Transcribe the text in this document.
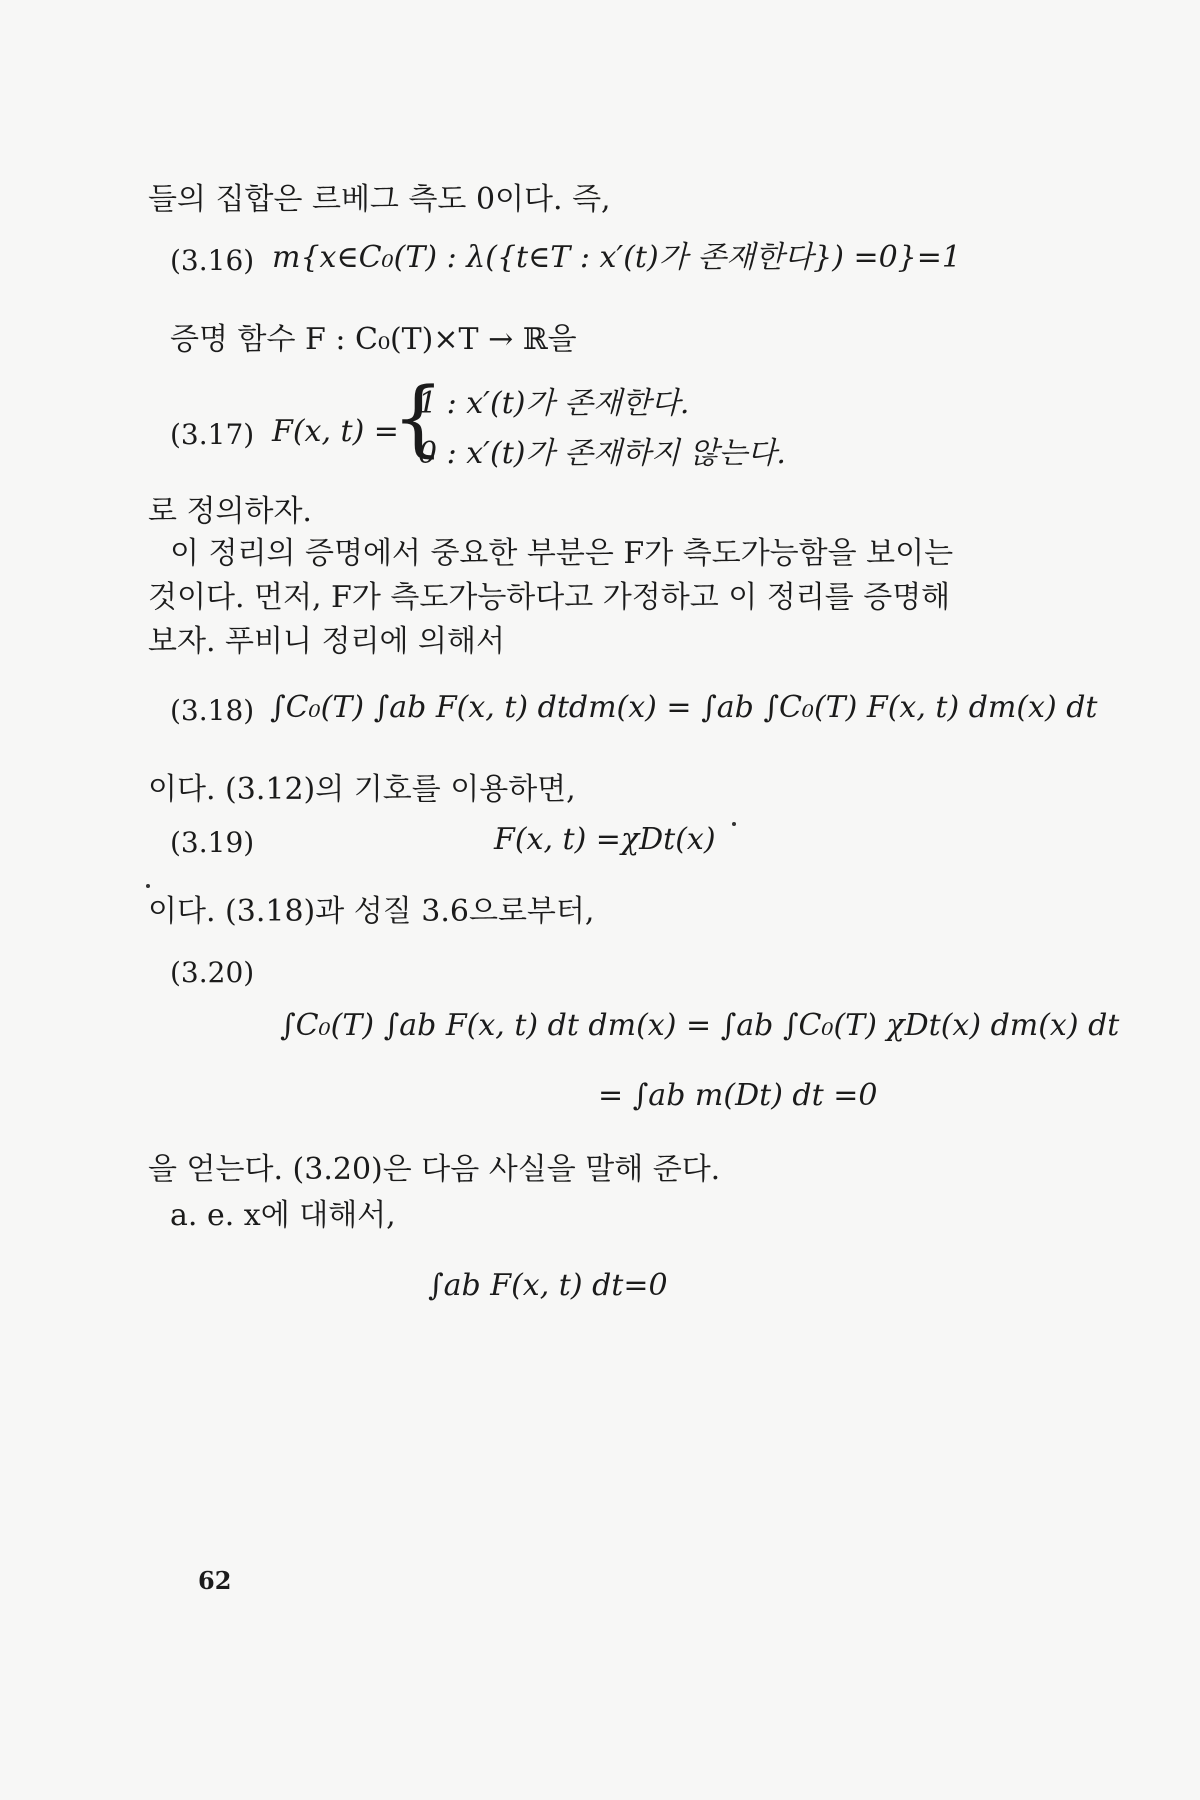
들의 집합은 르베그 측도 0이다. 즉,
(3.16) m{x∈C₀(T) : λ({t∈T : x′(t)가 존재한다}) =0}=1
증명 함수 F : C₀(T)×T → ℝ을
(3.17) F(x, t) =
{
1 : x′(t)가 존재한다.
0 : x′(t)가 존재하지 않는다.
로 정의하자.
이 정리의 증명에서 중요한 부분은 F가 측도가능함을 보이는
것이다. 먼저, F가 측도가능하다고 가정하고 이 정리를 증명해
보자. 푸비니 정리에 의해서
(3.18) ∫C₀(T) ∫ab F(x, t) dtdm(x) = ∫ab ∫C₀(T) F(x, t) dm(x) dt
이다. (3.12)의 기호를 이용하면,
(3.19)	F(x, t) =χDt(x)
이다. (3.18)과 성질 3.6으로부터,
(3.20)
∫C₀(T) ∫ab F(x, t) dt dm(x) = ∫ab ∫C₀(T) χDt(x) dm(x) dt
= ∫ab m(Dt) dt =0
을 얻는다. (3.20)은 다음 사실을 말해 준다.
a. e. x에 대해서,
∫ab F(x, t) dt=0
62
